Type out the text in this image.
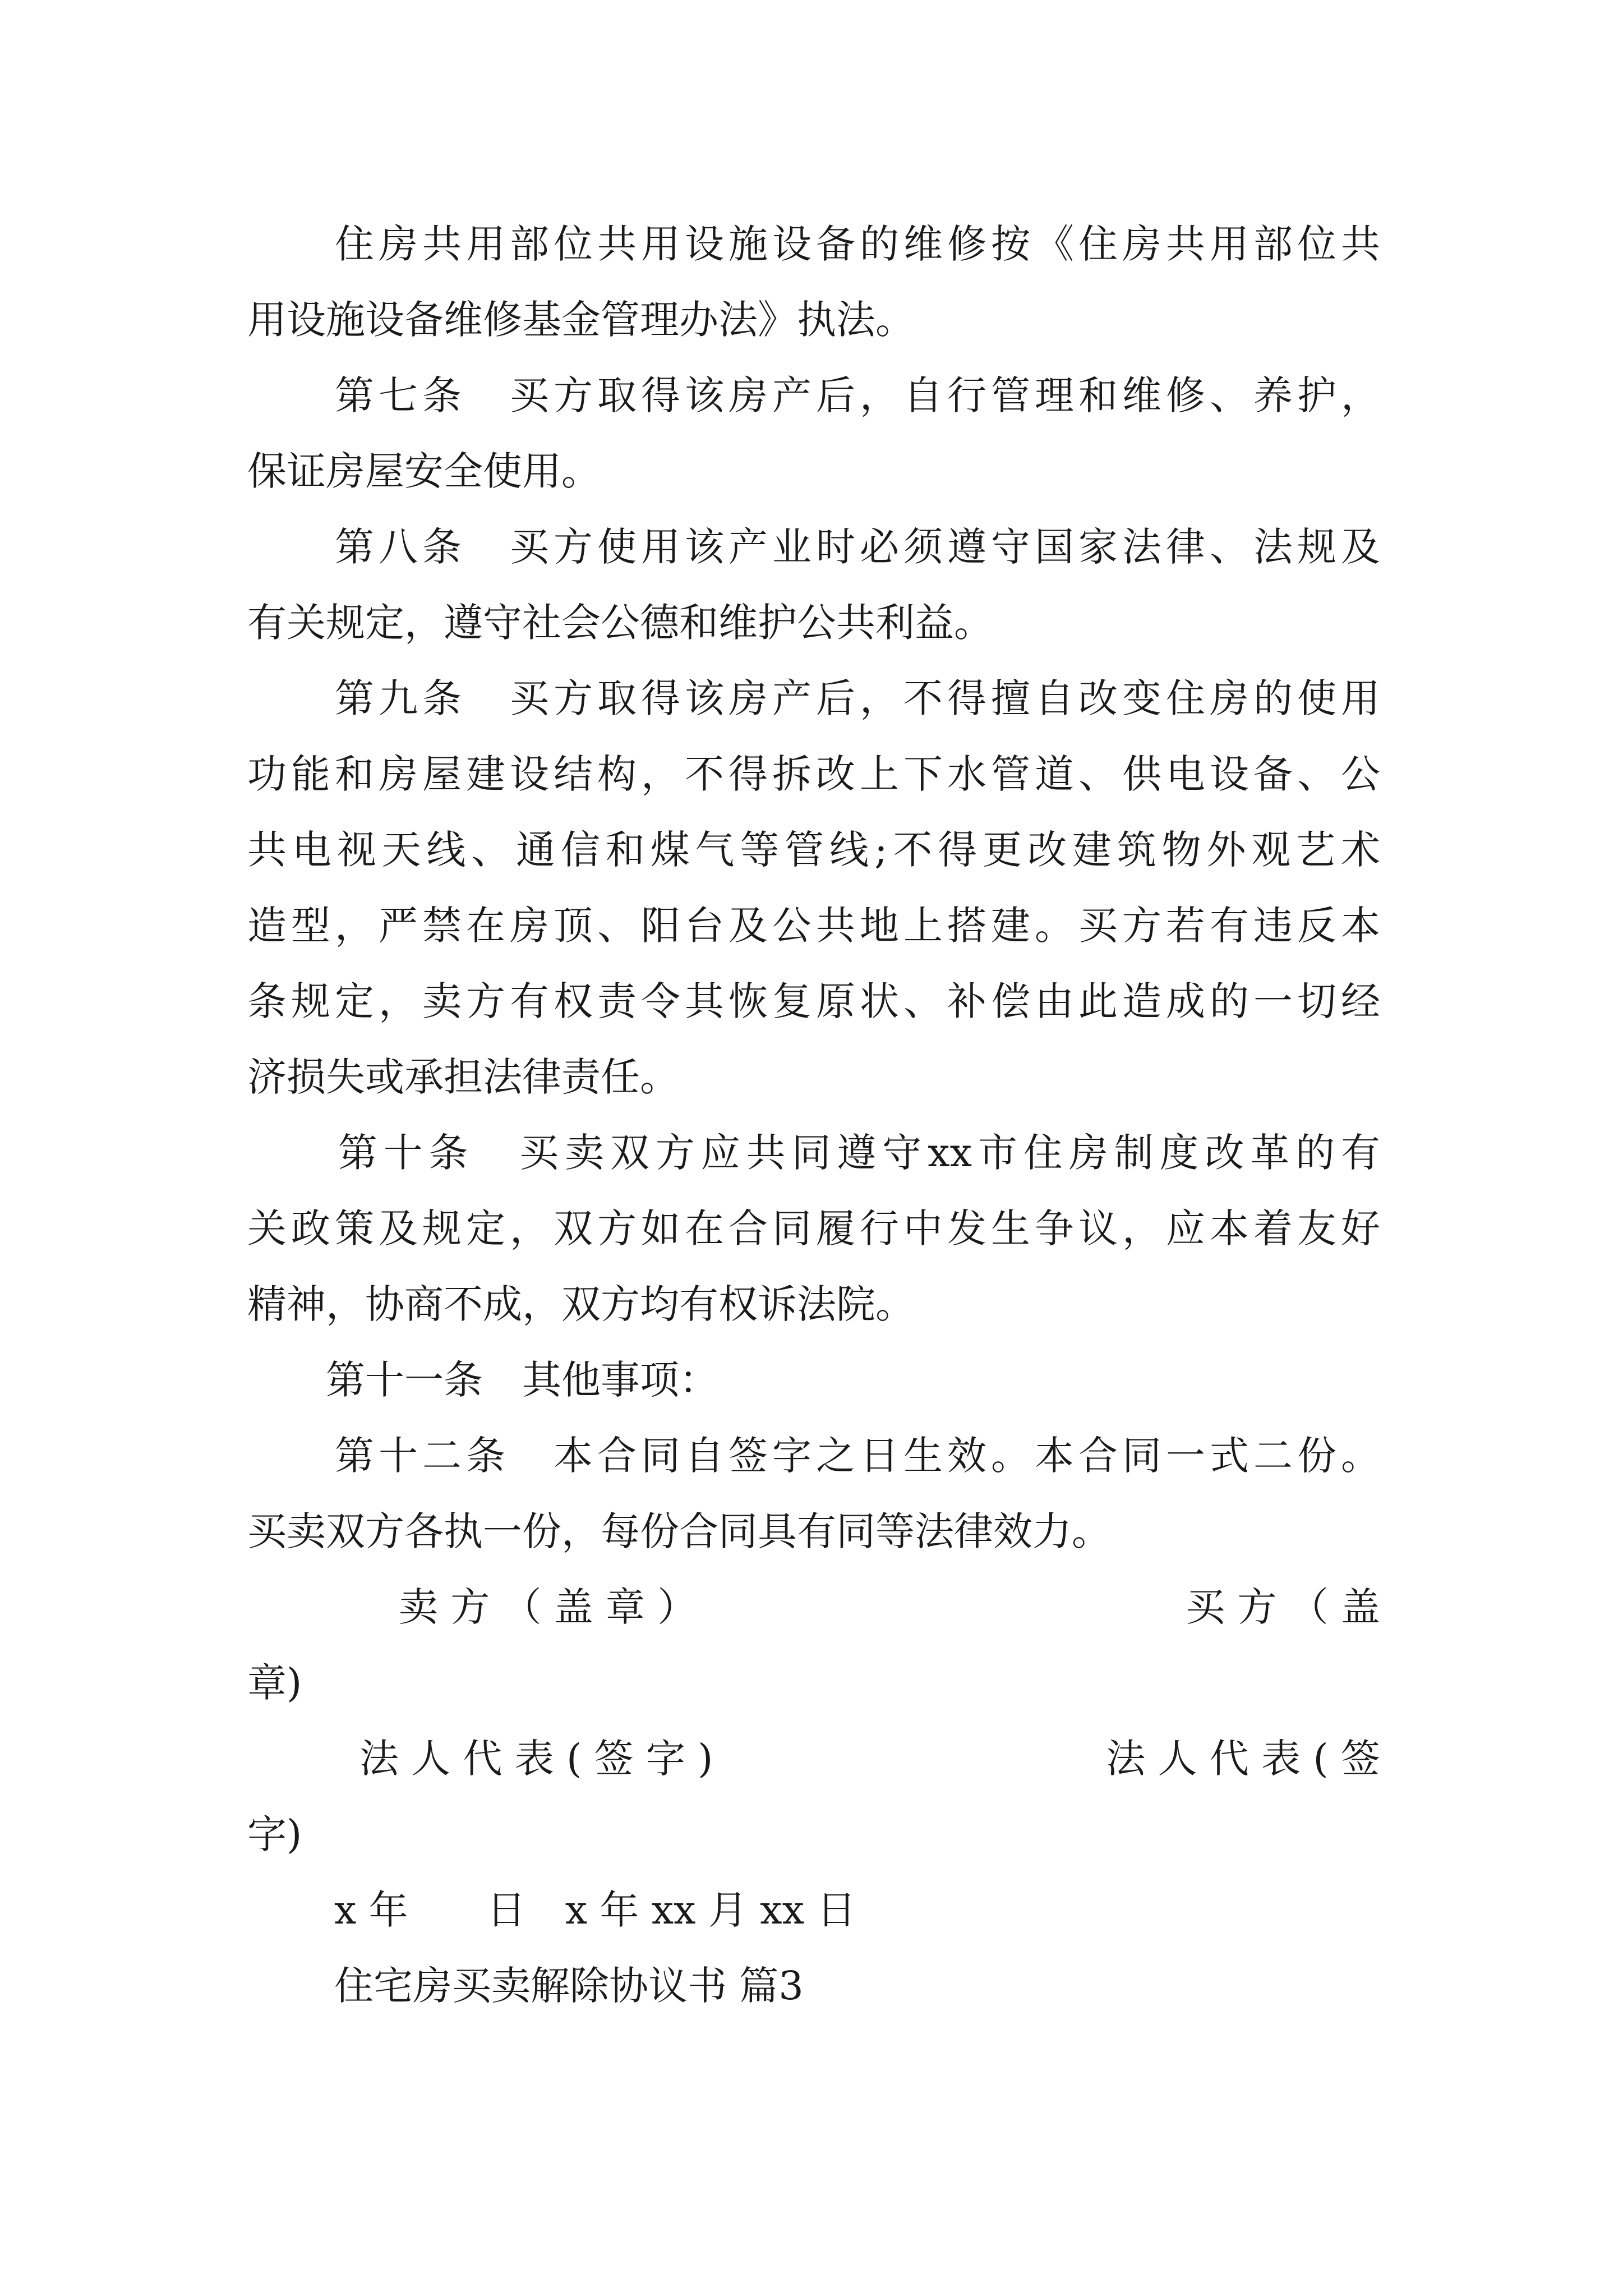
　　住房共用部位共用设施设备的维修按《住房共用部位共
用设施设备维修基金管理办法》执法。
　　第七条　买方取得该房产后，自行管理和维修、养护，
保证房屋安全使用。
　　第八条　买方使用该产业时必须遵守国家法律、法规及
有关规定，遵守社会公德和维护公共利益。
　　第九条　买方取得该房产后，不得擅自改变住房的使用
功能和房屋建设结构，不得拆改上下水管道、供电设备、公
共电视天线、通信和煤气等管线;不得更改建筑物外观艺术
造型，严禁在房顶、阳台及公共地上搭建。买方若有违反本
条规定，卖方有权责令其恢复原状、补偿由此造成的一切经
济损失或承担法律责任。
　　第十条　买卖双方应共同遵守xx市住房制度改革的有
关政策及规定，双方如在合同履行中发生争议，应本着友好
精神，协商不成，双方均有权诉法院。
　　第十一条　其他事项：
　　第十二条　本合同自签字之日生效。本合同一式二份。
买卖双方各执一份，每份合同具有同等法律效力。
卖 方 （ 盖 章 ）	买 方 （ 盖
章)
法 人 代 表 ( 签 字 )	法 人 代 表 ( 签
字)
x 年　　日　x 年 xx 月 xx 日
住宅房买卖解除协议书 篇3
